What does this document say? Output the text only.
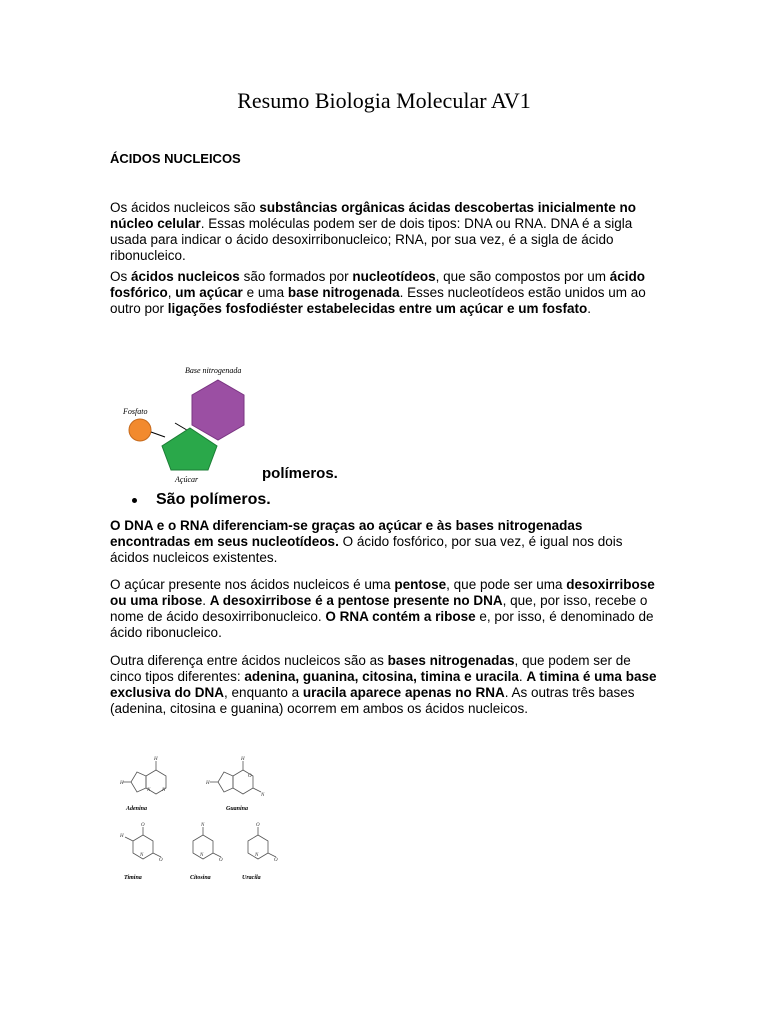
Resumo Biologia Molecular AV1
ÁCIDOS NUCLEICOS
Os ácidos nucleicos são substâncias orgânicas ácidas descobertas inicialmente no núcleo celular. Essas moléculas podem ser de dois tipos: DNA ou RNA. DNA é a sigla usada para indicar o ácido desoxirribonucleico; RNA, por sua vez, é a sigla de ácido ribonucleico.
Os ácidos nucleicos são formados por nucleotídeos, que são compostos por um ácido fosfórico, um açúcar e uma base nitrogenada. Esses nucleotídeos estão unidos um ao outro por ligações fosfodiéster estabelecidas entre um açúcar e um fosfato.
Base nitrogenada
Fosfato
Açúcar	polímeros.
São polímeros.
O DNA e o RNA diferenciam-se graças ao açúcar e às bases nitrogenadas encontradas em seus nucleotídeos. O ácido fosfórico, por sua vez, é igual nos dois ácidos nucleicos existentes.
O açúcar presente nos ácidos nucleicos é uma pentose, que pode ser uma desoxirribose ou uma ribose. A desoxirribose é a pentose presente no DNA, que, por isso, recebe o nome de ácido desoxirribonucleico. O RNA contém a ribose e, por isso, é denominado de ácido ribonucleico.
Outra diferença entre ácidos nucleicos são as bases nitrogenadas, que podem ser de cinco tipos diferentes: adenina, guanina, citosina, timina e uracila. A timina é uma base exclusiva do DNA, enquanto a uracila aparece apenas no RNA. As outras três bases (adenina, citosina e guanina) ocorrem em ambos os ácidos nucleicos.
H
H
N N
H
N
H
O
O
H
O
N
N
O
N
O
O
N
Adenina	Guanina
Timina	Citosina	Uracila
